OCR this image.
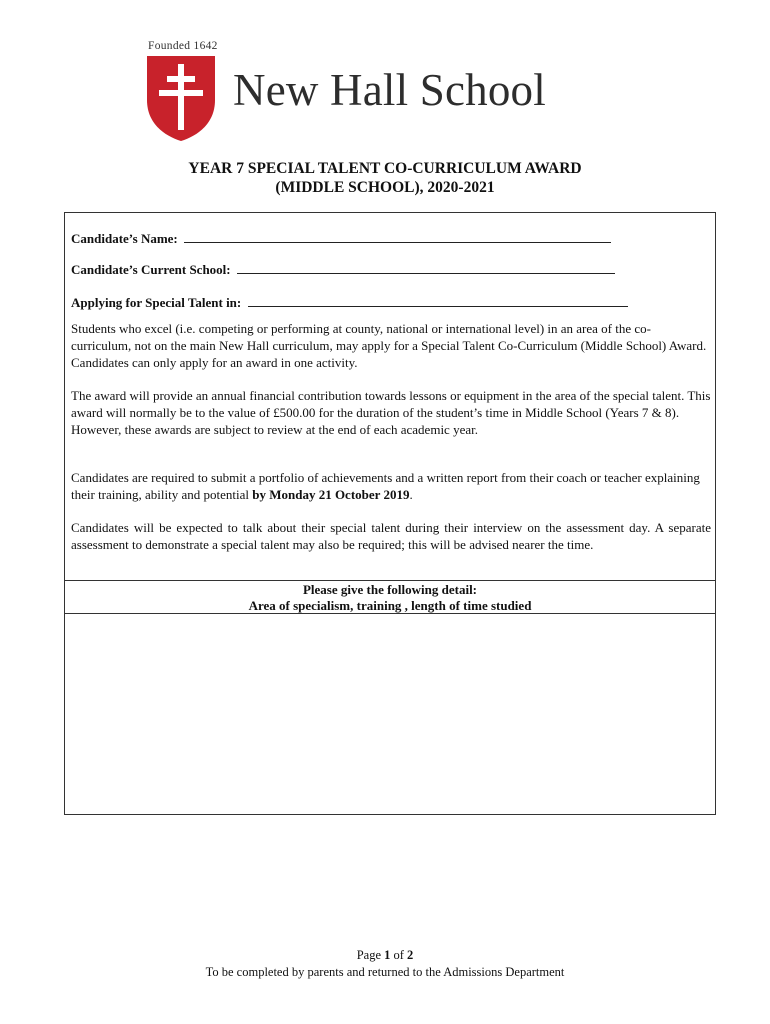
Founded 1642
New Hall School
YEAR 7 SPECIAL TALENT CO-CURRICULUM AWARD
(MIDDLE SCHOOL), 2020-2021
Candidate’s Name:
Candidate’s Current School:
Applying for Special Talent in:

Students who excel (i.e. competing or performing at county, national or international level) in an area of the co-curriculum, not on the main New Hall curriculum, may apply for a Special Talent Co-Curriculum (Middle School) Award. Candidates can only apply for an award in one activity.

The award will provide an annual financial contribution towards lessons or equipment in the area of the special talent. This award will normally be to the value of £500.00 for the duration of the student’s time in Middle School (Years 7 & 8). However, these awards are subject to review at the end of each academic year.

Candidates are required to submit a portfolio of achievements and a written report from their coach or teacher explaining their training, ability and potential by Monday 21 October 2019.

Candidates will be expected to talk about their special talent during their interview on the assessment day. A separate assessment to demonstrate a special talent may also be required; this will be advised nearer the time.

Please give the following detail:
Area of specialism, training , length of time studied
Page 1 of 2
To be completed by parents and returned to the Admissions Department
